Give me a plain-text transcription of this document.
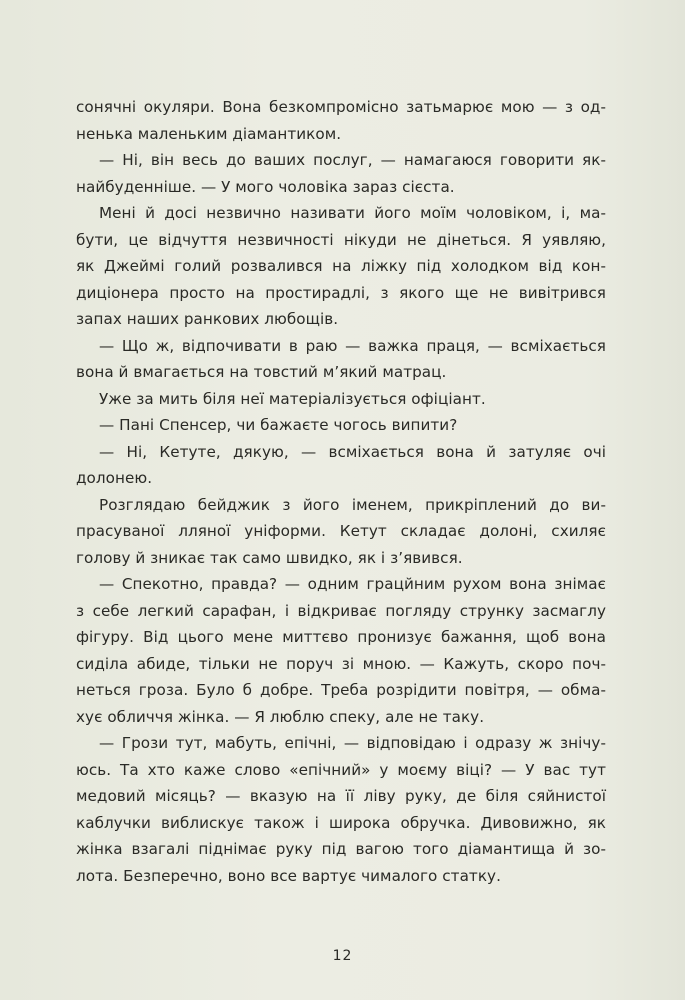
сонячні окуляри. Вона безкомпромісно затьмарює мою — з од-
ненька маленьким діамантиком.
— Ні, він весь до ваших послуг, — намагаюся говорити як-
найбуденніше. — У мого чоловіка зараз сієста.
Мені й досі незвично називати його моїм чоловіком, і, ма-
бути, це відчуття незвичності нікуди не дінеться. Я уявляю,
як Джеймі голий розвалився на ліжку під холодком від кон-
диціонера просто на простирадлі, з якого ще не вивітрився
запах наших ранкових любощів.
— Що ж, відпочивати в раю — важка праця, — всміхається
вона й вмагається на товстий м’який матрац.
Уже за мить біля неї матеріалізується офіціант.
— Пані Спенсер, чи бажаєте чогось випити?
— Ні, Кетуте, дякую, — всміхається вона й затуляє очі
долонею.
Розглядаю бейджик з його іменем, прикріплений до ви-
прасуваної лляної уніформи. Кетут складає долоні, схиляє
голову й зникає так само швидко, як і з’явився.
— Спекотно, правда? — одним грацйним рухом вона знімає
з себе легкий сарафан, і відкриває погляду струнку засмаглу
фігуру. Від цього мене миттєво пронизує бажання, щоб вона
сиділа абиде, тільки не поруч зі мною. — Кажуть, скоро поч-
неться гроза. Було б добре. Треба розрідити повітря, — обма-
хує обличчя жінка. — Я люблю спеку, але не таку.
— Грози тут, мабуть, епічні, — відповідаю і одразу ж знічу-
юсь. Та хто каже слово «епічний» у моєму віці? — У вас тут
медовий місяць? — вказую на її ліву руку, де біля сяйнистої
каблучки виблискує також і широка обручка. Дивовижно, як
жінка взагалі піднімає руку під вагою того діамантища й зо-
лота. Безперечно, воно все вартує чималого статку.
12
